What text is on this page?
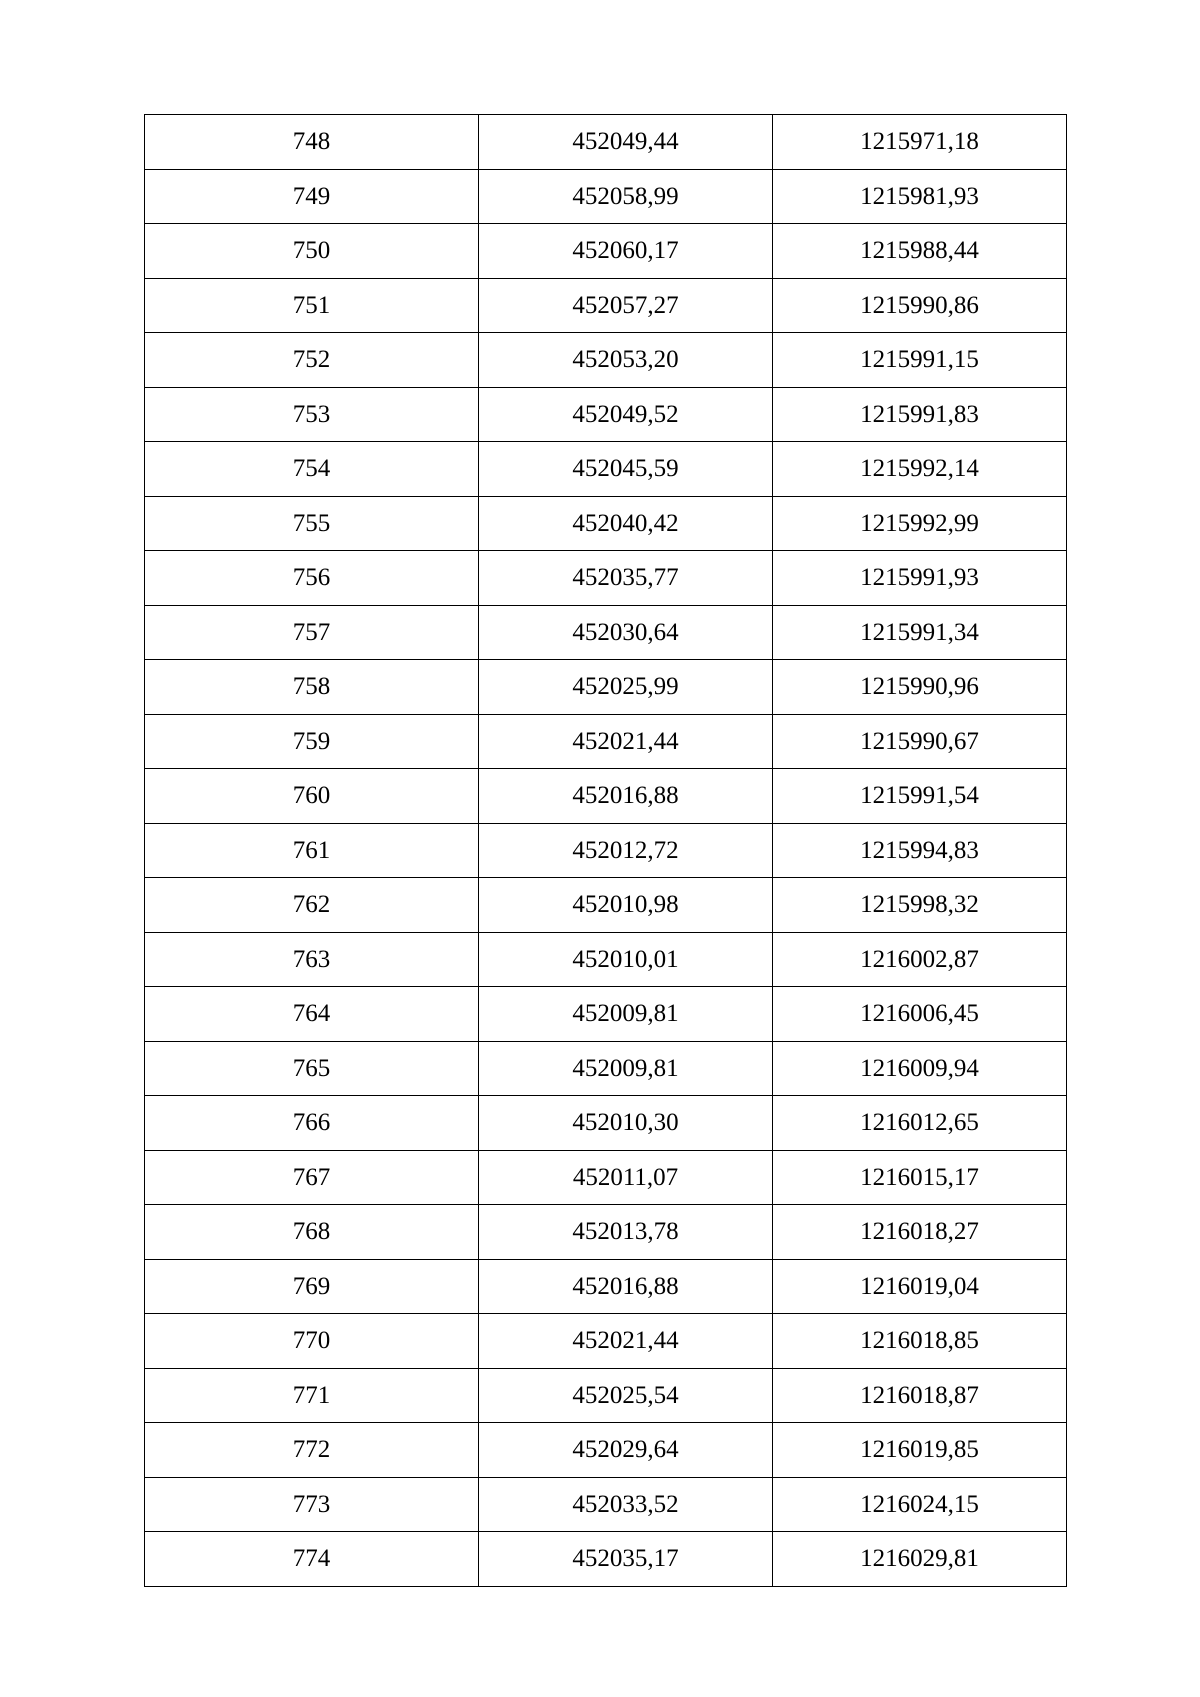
748	452049,44	1215971,18
749	452058,99	1215981,93
750	452060,17	1215988,44
751	452057,27	1215990,86
752	452053,20	1215991,15
753	452049,52	1215991,83
754	452045,59	1215992,14
755	452040,42	1215992,99
756	452035,77	1215991,93
757	452030,64	1215991,34
758	452025,99	1215990,96
759	452021,44	1215990,67
760	452016,88	1215991,54
761	452012,72	1215994,83
762	452010,98	1215998,32
763	452010,01	1216002,87
764	452009,81	1216006,45
765	452009,81	1216009,94
766	452010,30	1216012,65
767	452011,07	1216015,17
768	452013,78	1216018,27
769	452016,88	1216019,04
770	452021,44	1216018,85
771	452025,54	1216018,87
772	452029,64	1216019,85
773	452033,52	1216024,15
774	452035,17	1216029,81
